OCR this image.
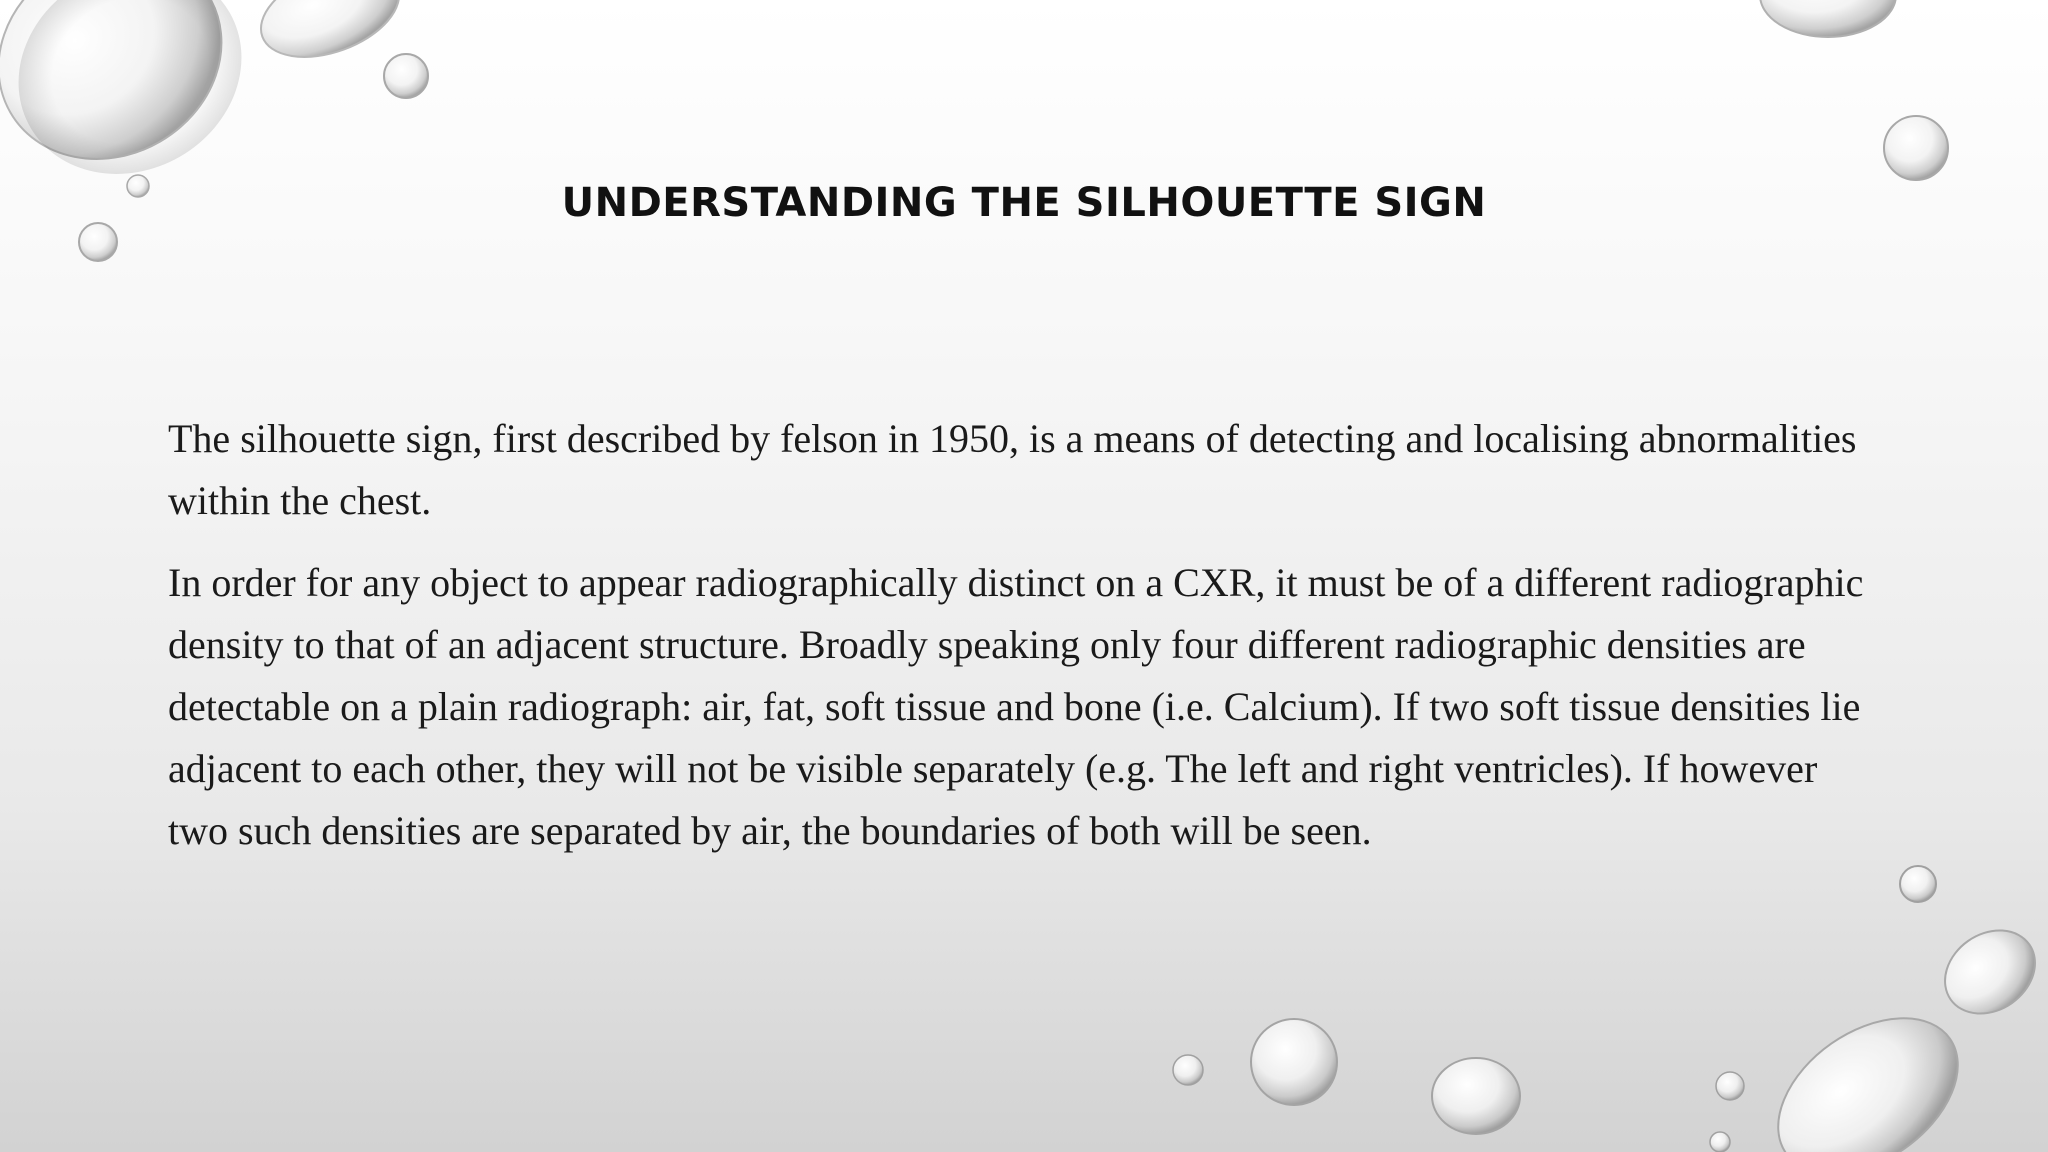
UNDERSTANDING THE SILHOUETTE SIGN

The silhouette sign, first described by felson in 1950, is a means of detecting and localising abnormalities within the chest.

In order for any object to appear radiographically distinct on a CXR, it must be of a different radiographic density to that of an adjacent structure. Broadly speaking only four different radiographic densities are detectable on a plain radiograph: air, fat, soft tissue and bone (i.e. Calcium). If two soft tissue densities lie adjacent to each other, they will not be visible separately (e.g. The left and right ventricles). If however two such densities are separated by air, the boundaries of both will be seen.
